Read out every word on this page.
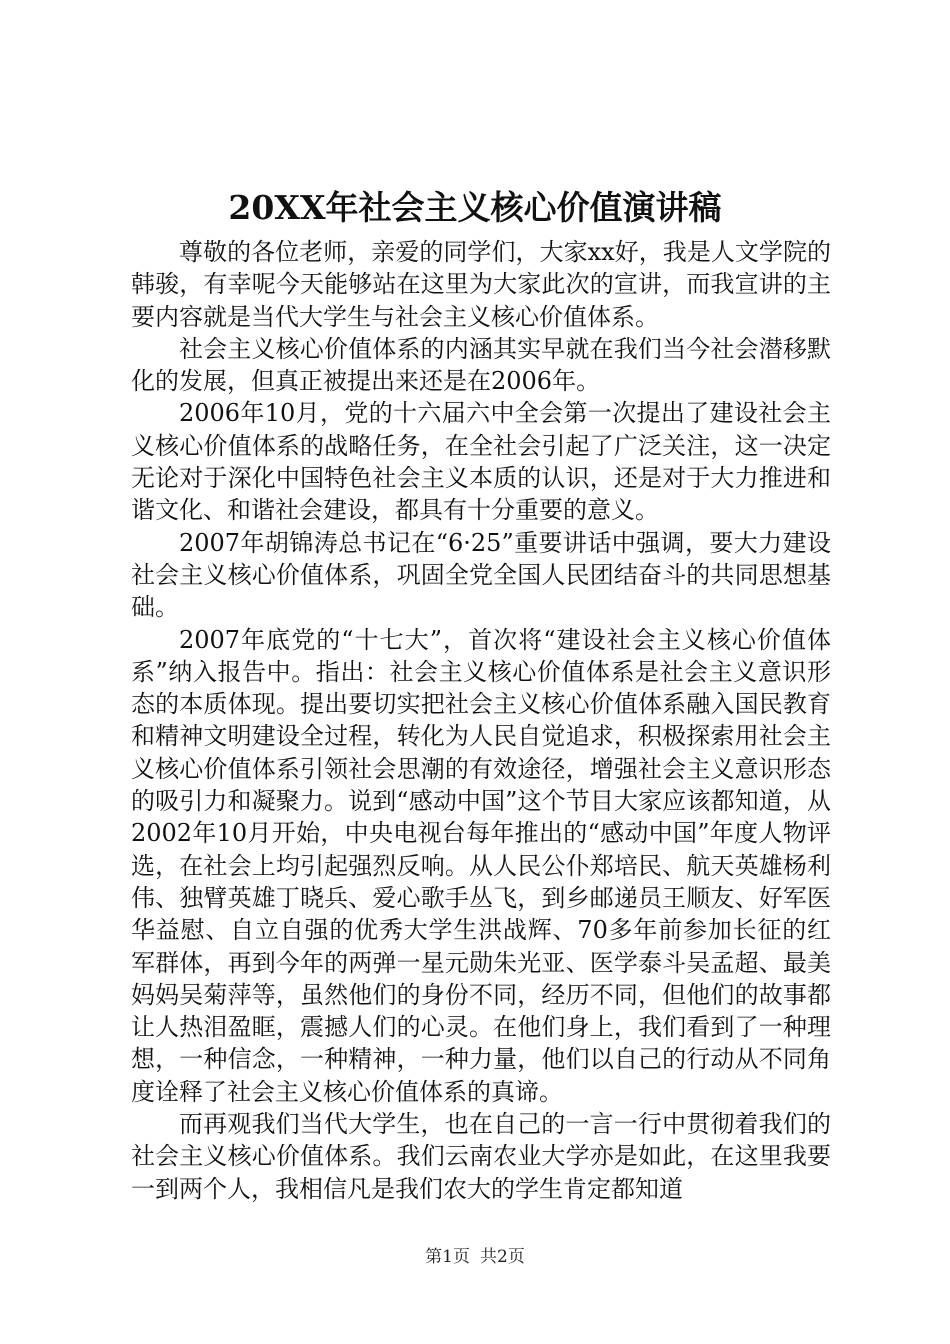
20XX年社会主义核心价值演讲稿

尊敬的各位老师，亲爱的同学们，大家xx好，我是人文学院的韩骏，有幸呢今天能够站在这里为大家此次的宣讲，而我宣讲的主要内容就是当代大学生与社会主义核心价值体系。

社会主义核心价值体系的内涵其实早就在我们当今社会潜移默化的发展，但真正被提出来还是在2006年。

2006年10月，党的十六届六中全会第一次提出了建设社会主义核心价值体系的战略任务，在全社会引起了广泛关注，这一决定无论对于深化中国特色社会主义本质的认识，还是对于大力推进和谐文化、和谐社会建设，都具有十分重要的意义。

2007年胡锦涛总书记在“6·25”重要讲话中强调，要大力建设社会主义核心价值体系，巩固全党全国人民团结奋斗的共同思想基础。

2007年底党的“十七大”，首次将“建设社会主义核心价值体系”纳入报告中。指出：社会主义核心价值体系是社会主义意识形态的本质体现。提出要切实把社会主义核心价值体系融入国民教育和精神文明建设全过程，转化为人民自觉追求，积极探索用社会主义核心价值体系引领社会思潮的有效途径，增强社会主义意识形态的吸引力和凝聚力。说到“感动中国”这个节目大家应该都知道，从2002年10月开始，中央电视台每年推出的“感动中国”年度人物评选，在社会上均引起强烈反响。从人民公仆郑培民、航天英雄杨利伟、独臂英雄丁晓兵、爱心歌手丛飞，到乡邮递员王顺友、好军医华益慰、自立自强的优秀大学生洪战辉、70多年前参加长征的红军群体，再到今年的两弹一星元勋朱光亚、医学泰斗吴孟超、最美妈妈吴菊萍等，虽然他们的身份不同，经历不同，但他们的故事都让人热泪盈眶，震撼人们的心灵。在他们身上，我们看到了一种理想，一种信念，一种精神，一种力量，他们以自己的行动从不同角度诠释了社会主义核心价值体系的真谛。

而再观我们当代大学生，也在自己的一言一行中贯彻着我们的社会主义核心价值体系。我们云南农业大学亦是如此，在这里我要一到两个人，我相信凡是我们农大的学生肯定都知道

第1页 共2页
